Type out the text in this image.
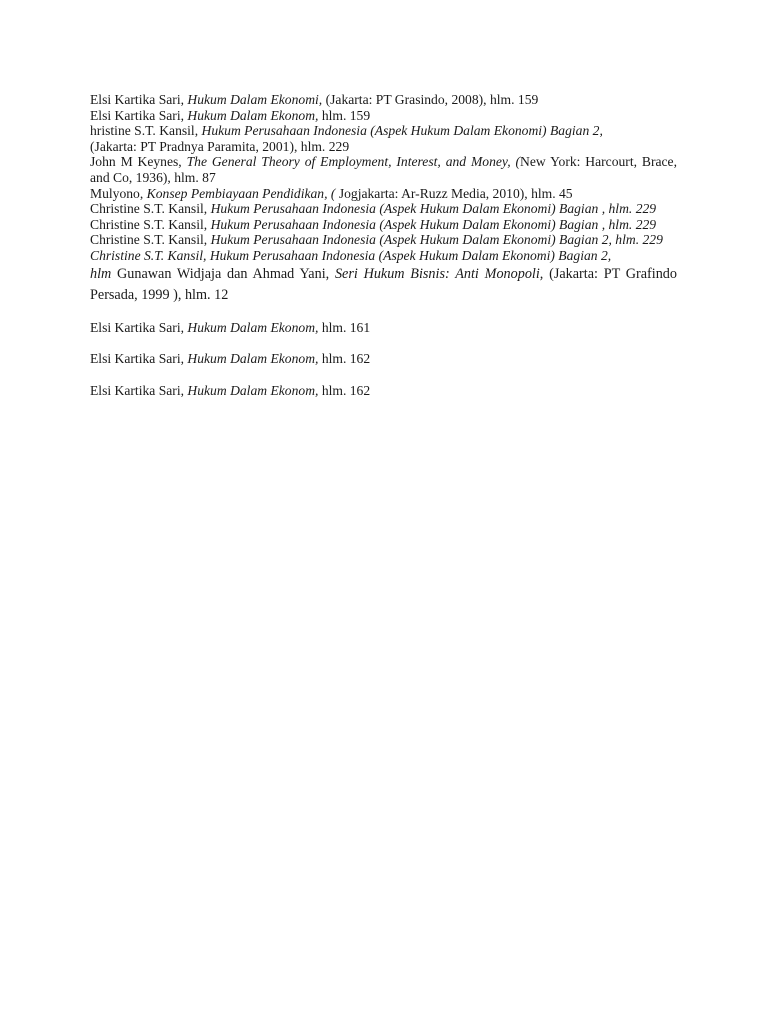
Elsi Kartika Sari, Hukum Dalam Ekonomi, (Jakarta: PT Grasindo, 2008), hlm. 159

Elsi Kartika Sari, Hukum Dalam Ekonom, hlm. 159

hristine S.T. Kansil, Hukum Perusahaan Indonesia (Aspek Hukum Dalam Ekonomi) Bagian 2,

(Jakarta: PT Pradnya Paramita, 2001), hlm. 229

John M Keynes, The General Theory of Employment, Interest, and Money, (New York: Harcourt, Brace, and Co, 1936), hlm. 87

Mulyono, Konsep Pembiayaan Pendidikan, ( Jogjakarta: Ar-Ruzz Media, 2010), hlm. 45

Christine S.T. Kansil, Hukum Perusahaan Indonesia (Aspek Hukum Dalam Ekonomi) Bagian , hlm. 229

Christine S.T. Kansil, Hukum Perusahaan Indonesia (Aspek Hukum Dalam Ekonomi) Bagian , hlm. 229

Christine S.T. Kansil, Hukum Perusahaan Indonesia (Aspek Hukum Dalam Ekonomi) Bagian 2, hlm. 229

Christine S.T. Kansil, Hukum Perusahaan Indonesia (Aspek Hukum Dalam Ekonomi) Bagian 2,

hlm Gunawan Widjaja dan Ahmad Yani, Seri Hukum Bisnis: Anti Monopoli, (Jakarta: PT Grafindo Persada, 1999 ), hlm. 12

Elsi Kartika Sari, Hukum Dalam Ekonom, hlm. 161

Elsi Kartika Sari, Hukum Dalam Ekonom, hlm. 162

Elsi Kartika Sari, Hukum Dalam Ekonom, hlm. 162
